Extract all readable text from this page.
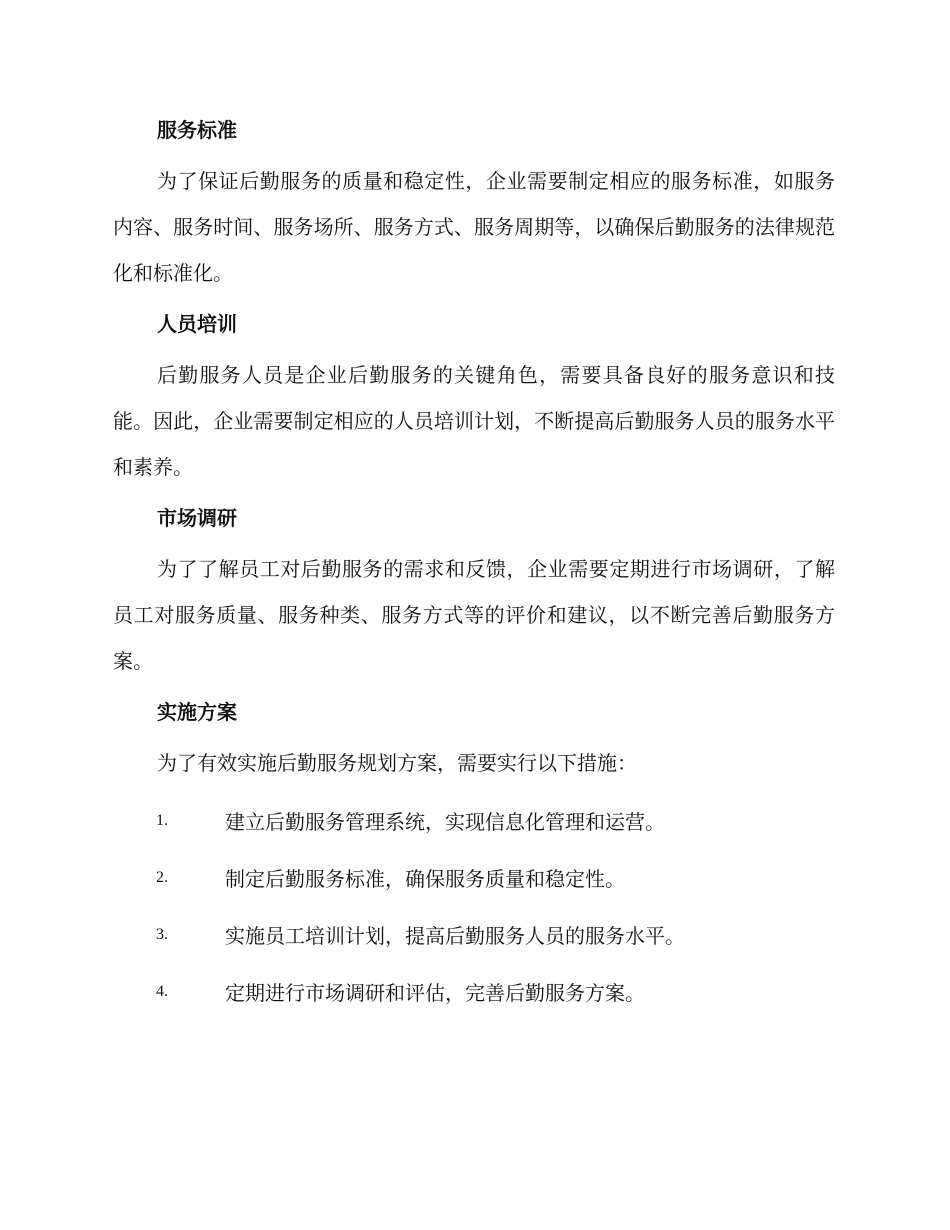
服务标准

为了保证后勤服务的质量和稳定性，企业需要制定相应的服务标准，如服务内容、服务时间、服务场所、服务方式、服务周期等，以确保后勤服务的法律规范化和标准化。

人员培训

后勤服务人员是企业后勤服务的关键角色，需要具备良好的服务意识和技能。因此，企业需要制定相应的人员培训计划，不断提高后勤服务人员的服务水平和素养。

市场调研

为了了解员工对后勤服务的需求和反馈，企业需要定期进行市场调研，了解员工对服务质量、服务种类、服务方式等的评价和建议，以不断完善后勤服务方案。

实施方案

为了有效实施后勤服务规划方案，需要实行以下措施：

1.	建立后勤服务管理系统，实现信息化管理和运营。
2.	制定后勤服务标准，确保服务质量和稳定性。
3.	实施员工培训计划，提高后勤服务人员的服务水平。
4.	定期进行市场调研和评估，完善后勤服务方案。
